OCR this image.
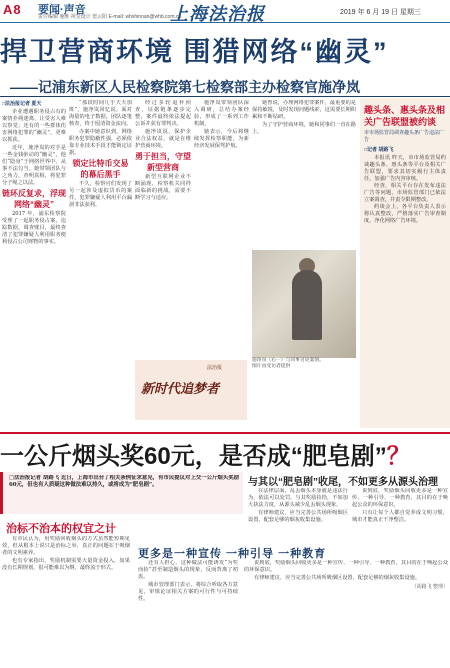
A8 要闻·声音
责任编辑 施维 视觉设计 窦云阳 E-mail: whshinnan@whb.com.cn
上海法治报	2019 年 6 月 19 日 星期三
捍卫营商环境 围猎网络“幽灵”
——记浦东新区人民检察院第七检察部主办检察官施净岚
□法治报记者 夏天

企业遭遇职务侵占有的案情扑朔迷离，让受害人难以察觉；还有的一些群体伤害网络犯罪的“幽灵”，更难以抓获。

近年，施净岚的对手是一些金钱驱动的“幽灵”，他们“隐身”于网络世界中，从事不法勾当。她带领团队与之角力，查明真相，将犯罪分子绳之以法。

链环反复求，浮现网络“幽灵”

2017 年，浦东检察院受理了一起职务侵占案，追踪数据、调查账目，最终查清了犯罪嫌疑人利用职务便利侵占公司财物的事实。

“那段时间几乎天天加班”，施净岚回忆说。面对海量的电子数据，团队逐笔核查，终于厘清资金流向。

办案中她意识到，网络职务犯罪隐蔽性强，必须依靠专业技术手段才能锁定证据。

锁定比特币交易的幕后黑手

不久，检察官们发现了另一起涉及虚拟货币的案件，犯罪嫌疑人利用平台漏洞非法获利。

经过多轮退补侦查，证据链条逐步完整，案件最终依法提起公诉并获有罪判决。

施净岚说，保护企业合法权益，就是在维护营商环境。

勇于担当，守望新型营商

新型互联网企业不断涌现，检察机关同样面临新的挑战，需要不断学习与适应。

施净岚带领团队深入调研，总结办案经验，形成了一系列工作机制。

她表示，今后将继续发挥检察职能，为新经济发展保驾护航。

她曾说，办理网络犯罪案件，最重要的是保持敏锐，及时发现问题线索，这需要长期积累和不断钻研。

为了守护营商环境，她和同事们一直在路上。

新时代追梦者
法治报
施净岚（右一）与同事讨论案情。
图片由受访者提供
趣头条、惠头条及相关广告联盟被约谈
市市场监管局调查趣头条广告违法广告
□记者 胡路飞

本报讯 昨天，市市场监管局约谈趣头条、惠头条等平台及相关广告联盟，要求其切实履行主体责任，加强广告内容审核。

经查，相关平台存在发布违法广告等问题，市场监管部门已依法立案调查，并责令限期整改。

约谈会上，各平台负责人表示将认真整改，严格落实广告审查制度，净化网络广告环境。

一公斤烟头奖60元，是否成“肥皂剧”？
□法治报记者 胡路飞 近日，上海市出台了相关条例征求意见，有市民提议对上交一公斤烟头奖励60元，但也有人质疑这种做法难以持久，或将成为“肥皂剧”。
治标不治本的权宜之计
与其以“肥皂剧”收尾，不如更多从源头治理

有市民认为，用奖励回收烟头的方式虽然能短期见效，但从根本上说只是治标之举，真正的问题在于吸烟者的文明素养。

也有专家指出，奖励机制需要大量资金投入，如果没有长期规划，很可能难以为继，最终流于形式。

还有人担心，这种做法可能诱发“为奖而捡”甚至制造烟头的现象，反而背离了初衷。

城市管理部门表示，将综合听取各方意见，审慎论证相关方案的可行性与可持续性。

在法律层面，乱丢烟头本身就是违法行为，依法可以处罚。与其奖励捡拾，不如加大执法力度，从源头减少乱丢烟头现象。

有律师建议，应当完善公共场所吸烟区设置，配套足够的烟灰收集设施。

说到底，奖励烟头回收更多是一种宣传、一种引导、一种教育，其目的在于唤起公众的环保意识。

只有让每个人都自觉养成文明习惯，城市才能真正干净整洁。

更多是一种宣传 一种引导 一种教育

说到底，奖励烟头回收更多是一种宣传、一种引导、一种教育，其目的在于唤起公众的环保意识。

有律师建议，应当完善公共场所吸烟区设置，配套足够的烟灰收集设施。

（胡路飞 整理）
